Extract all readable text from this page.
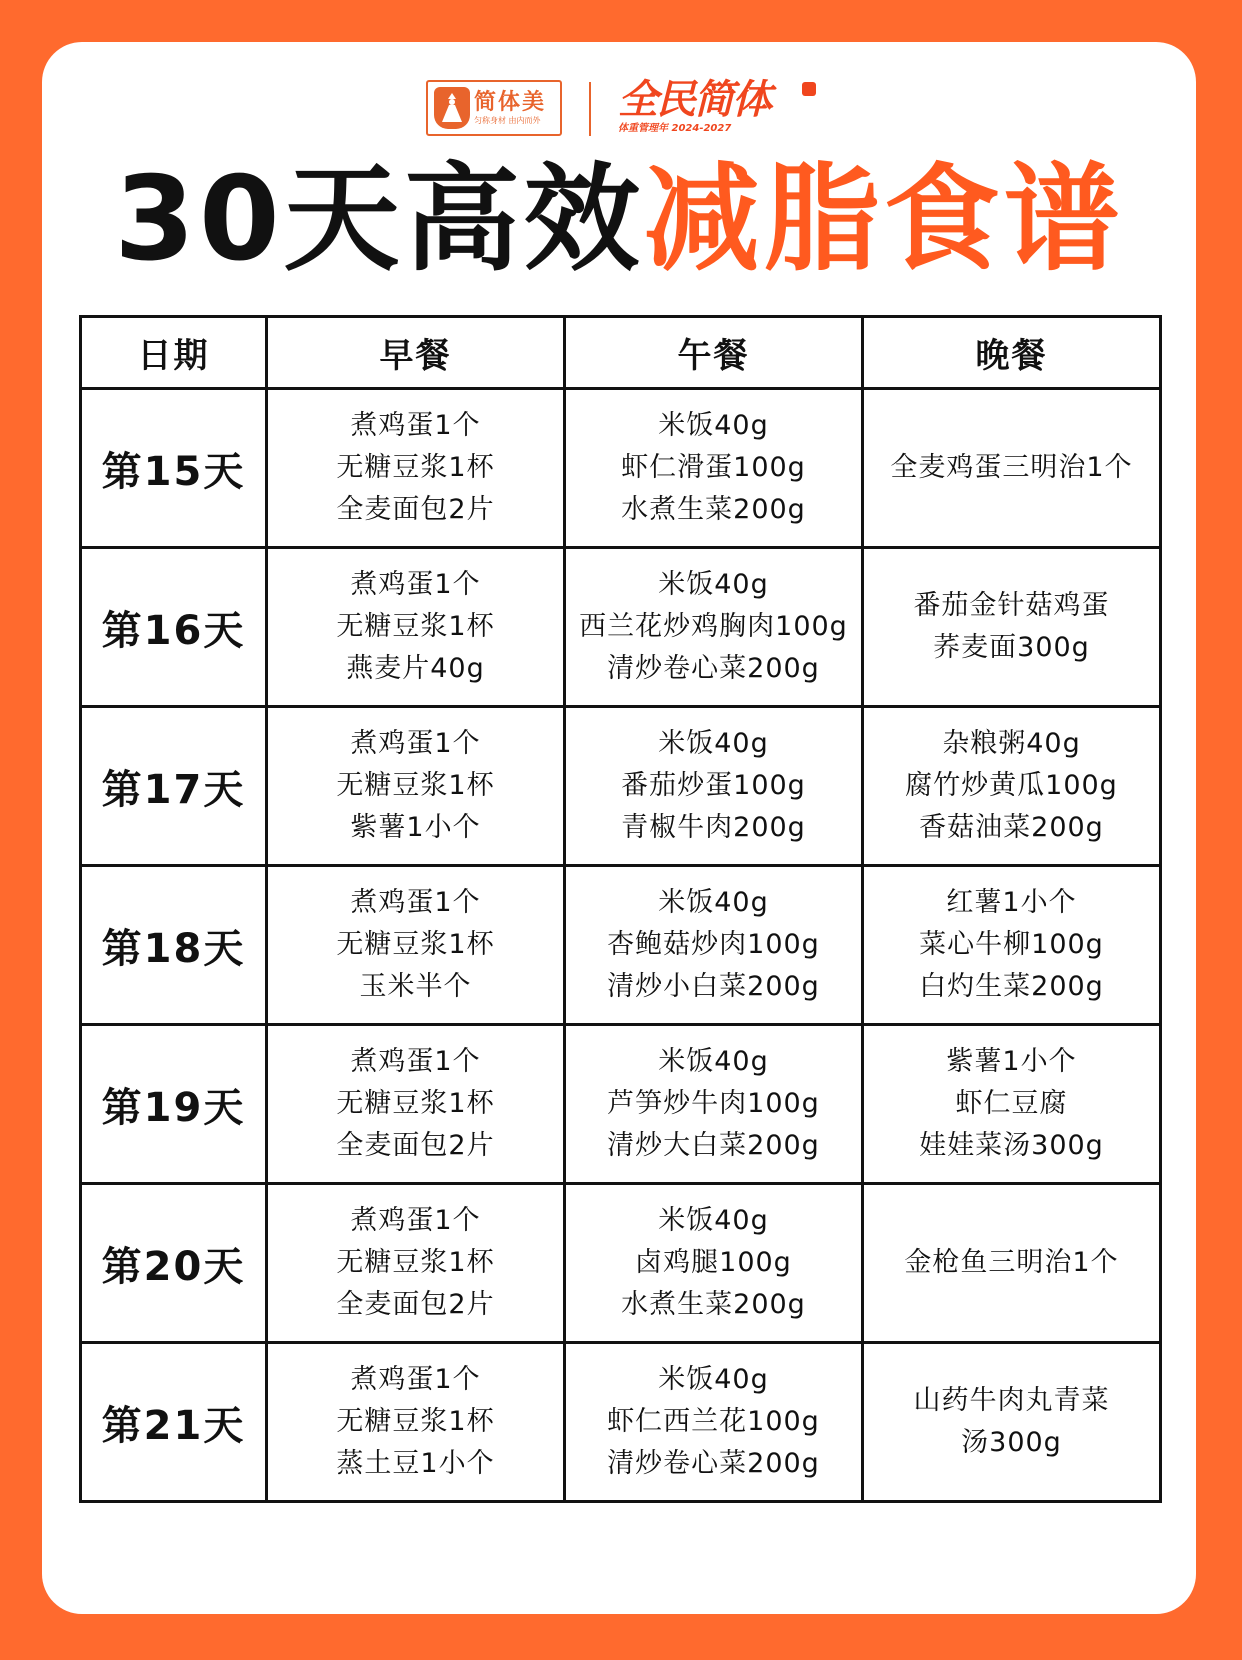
简体美
匀称身材 由内而外 全民简体
体重管理年 2024-2027
30天高效减脂食谱
日期	早餐	午餐	晚餐
第15天	煮鸡蛋1个
无糖豆浆1杯
全麦面包2片	米饭40g
虾仁滑蛋100g
水煮生菜200g	全麦鸡蛋三明治1个

第16天	煮鸡蛋1个
无糖豆浆1杯
燕麦片40g	米饭40g
西兰花炒鸡胸肉100g
清炒卷心菜200g	番茄金针菇鸡蛋
荞麦面300g

第17天	煮鸡蛋1个
无糖豆浆1杯
紫薯1小个	米饭40g
番茄炒蛋100g
青椒牛肉200g	杂粮粥40g
腐竹炒黄瓜100g
香菇油菜200g

第18天	煮鸡蛋1个
无糖豆浆1杯
玉米半个	米饭40g
杏鲍菇炒肉100g
清炒小白菜200g	红薯1小个
菜心牛柳100g
白灼生菜200g

第19天	煮鸡蛋1个
无糖豆浆1杯
全麦面包2片	米饭40g
芦笋炒牛肉100g
清炒大白菜200g	紫薯1小个
虾仁豆腐
娃娃菜汤300g

第20天	煮鸡蛋1个
无糖豆浆1杯
全麦面包2片	米饭40g
卤鸡腿100g
水煮生菜200g	金枪鱼三明治1个

第21天	煮鸡蛋1个
无糖豆浆1杯
蒸土豆1小个	米饭40g
虾仁西兰花100g
清炒卷心菜200g	山药牛肉丸青菜
汤300g
